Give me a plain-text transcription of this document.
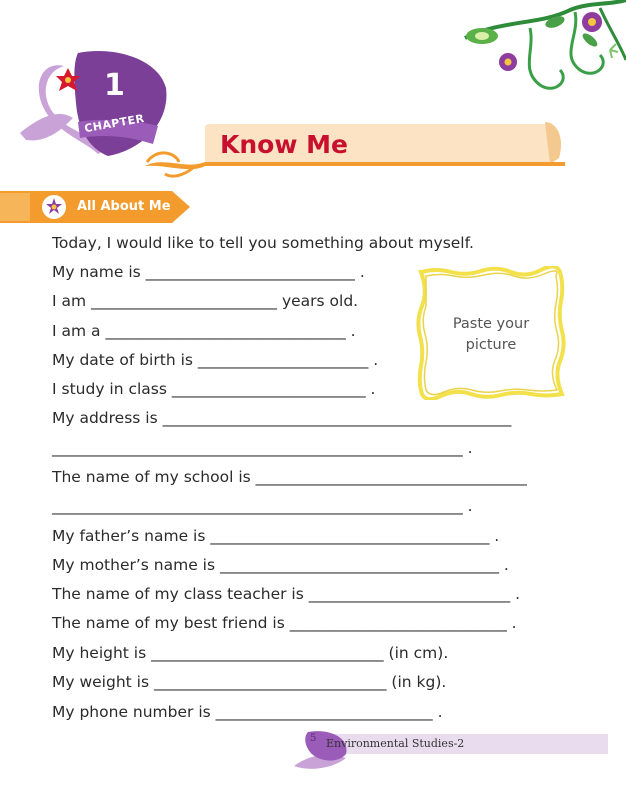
1
CHAPTER
Know Me
All About Me
Today, I would like to tell you something about myself.
My name is ___________________________ .
I am ________________________ years old.
I am a _______________________________ .
My date of birth is ______________________ .
I study in class _________________________ .
My address is _____________________________________________
_____________________________________________________ .
The name of my school is ___________________________________
_____________________________________________________ .
My father’s name is ____________________________________ .
My mother’s name is ____________________________________ .
The name of my class teacher is __________________________ .
The name of my best friend is ____________________________ .
My height is ______________________________ (in cm).
My weight is ______________________________ (in kg).
My phone number is ____________________________ .
Paste your
picture
5 Environmental Studies-2
